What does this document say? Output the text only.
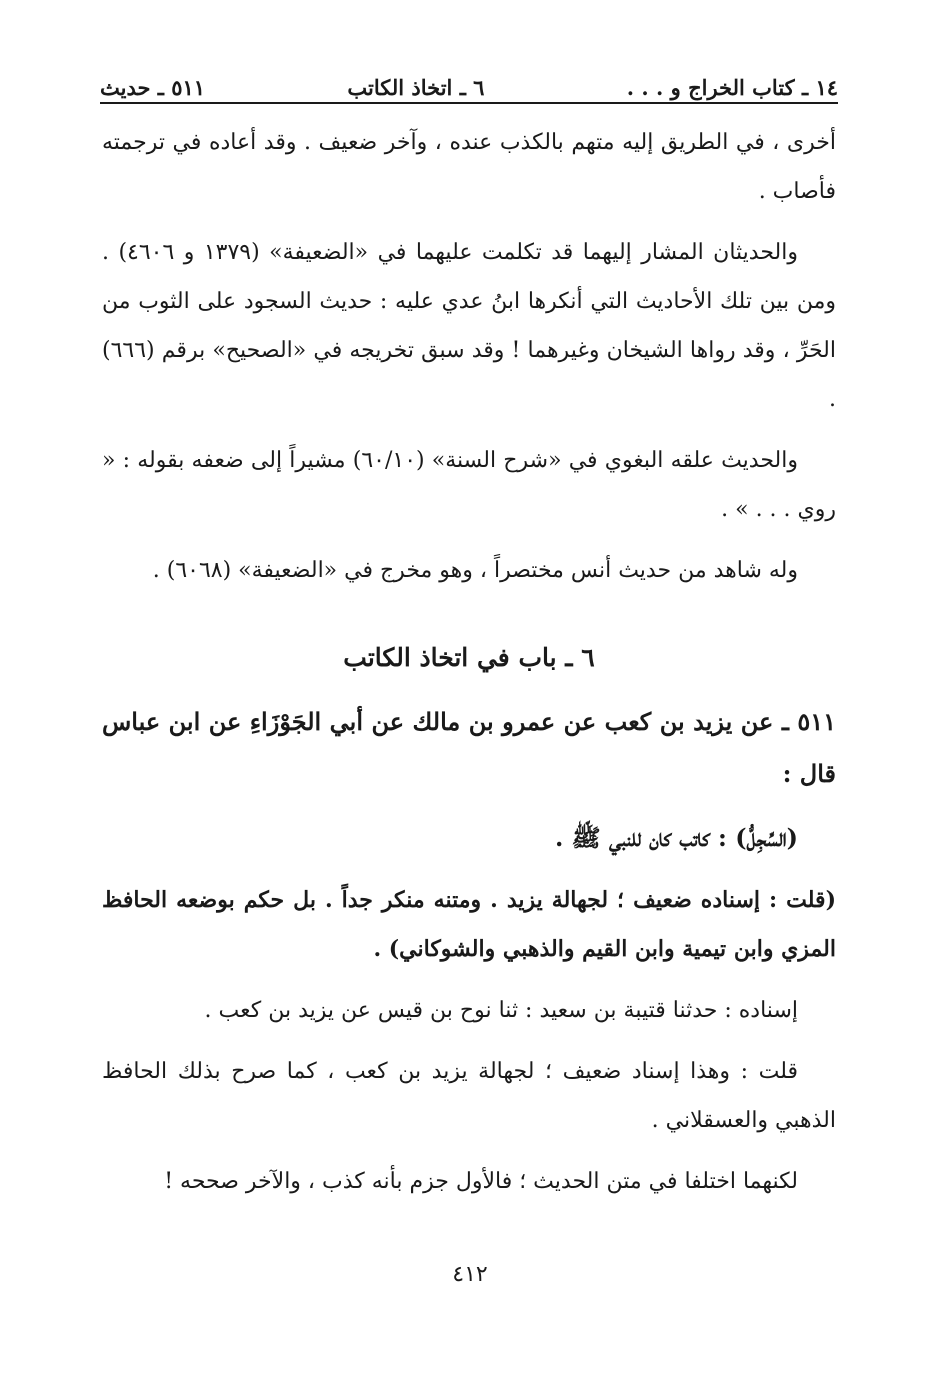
١٤ ـ كتاب الخراج و . . .
٦ ـ اتخاذ الكاتب
٥١١ ـ حديث

أخرى ، في الطريق إليه متهم بالكذب عنده ، وآخر ضعيف . وقد أعاده في ترجمته فأصاب .

والحديثان المشار إليهما قد تكلمت عليهما في «الضعيفة» (١٣٧٩ و ٤٦٠٦) . ومن بين تلك الأحاديث التي أنكرها ابنُ عدي عليه : حديث السجود على الثوب من الحَرِّ ، وقد رواها الشيخان وغيرهما ! وقد سبق تخريجه في «الصحيح» برقم (٦٦٦) .

والحديث علقه البغوي في «شرح السنة» (٦٠/١٠) مشيراً إلى ضعفه بقوله : « روي . . . » .

وله شاهد من حديث أنس مختصراً ، وهو مخرج في «الضعيفة» (٦٠٦٨) .

٦ ـ باب في اتخاذ الكاتب

٥١١ ـ عن يزيد بن كعب عن عمرو بن مالك عن أبي الجَوْزَاءِ عن ابن عباس قال :

(السِّجِلُّ) : كاتب كان للنبي ﷺ .

(قلت : إسناده ضعيف ؛ لجهالة يزيد . ومتنه منكر جداً . بل حكم بوضعه الحافظ المزي وابن تيمية وابن القيم والذهبي والشوكاني) .

إسناده : حدثنا قتيبة بن سعيد : ثنا نوح بن قيس عن يزيد بن كعب .

قلت : وهذا إسناد ضعيف ؛ لجهالة يزيد بن كعب ، كما صرح بذلك الحافظ الذهبي والعسقلاني .

لكنهما اختلفا في متن الحديث ؛ فالأول جزم بأنه كذب ، والآخر صححه !

٤١٢
